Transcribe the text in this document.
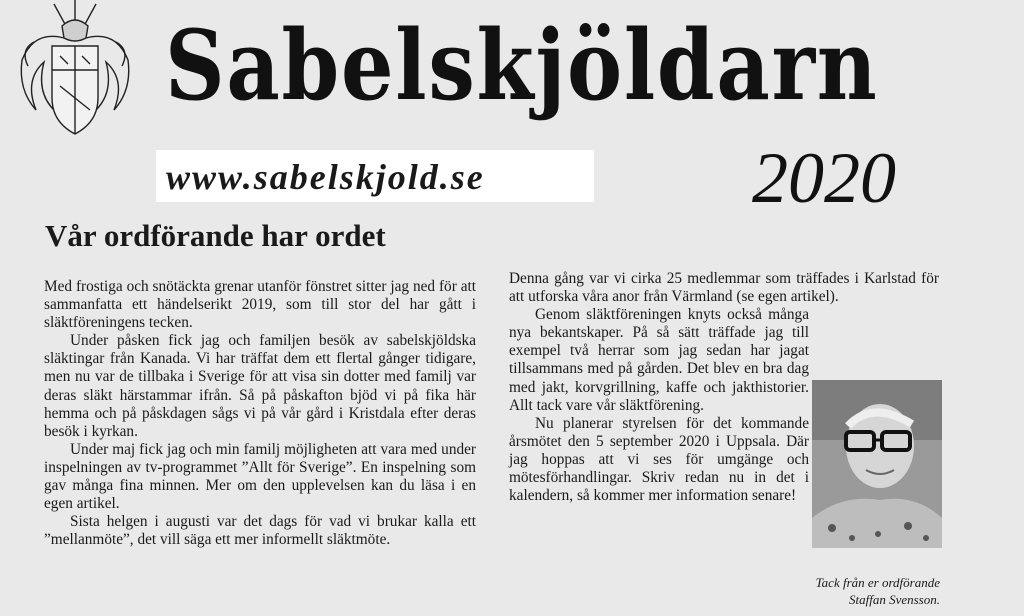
Sabelskjöldarn
www.sabelskjold.se	2020
Vår ordförande har ordet

Med frostiga och snötäckta grenar utanför fönstret sitter jag ned för att sammanfatta ett händelserikt 2019, som till stor del har gått i släktföreningens tecken.

Under påsken fick jag och familjen besök av sabelskjöldska släktingar från Kanada. Vi har träffat dem ett flertal gånger tidigare, men nu var de tillbaka i Sverige för att visa sin dotter med familj var deras släkt härstammar ifrån. Så på påskafton bjöd vi på fika här hemma och på påskdagen sågs vi på vår gård i Kristdala efter deras besök i kyrkan.

Under maj fick jag och min familj möjligheten att vara med under inspelningen av tv-programmet ”Allt för Sverige”. En inspelning som gav många fina minnen. Mer om den upplevelsen kan du läsa i en egen artikel.

Sista helgen i augusti var det dags för vad vi brukar kalla ett ”mellanmöte”, det vill säga ett mer informellt släktmöte.

Denna gång var vi cirka 25 medlemmar som träffades i Karlstad för att utforska våra anor från Värmland (se egen artikel).

Genom släktföreningen knyts också många nya bekantskaper. På så sätt träffade jag till exempel två herrar som jag sedan har jagat tillsammans med på gården. Det blev en bra dag med jakt, korvgrillning, kaffe och jakthistorier. Allt tack vare vår släktförening.

Nu planerar styrelsen för det kommande årsmötet den 5 september 2020 i Uppsala. Där jag hoppas att vi ses för umgänge och mötesförhandlingar. Skriv redan nu in det i kalendern, så kommer mer information senare!

Tack från er ordförande
Staffan Svensson.
